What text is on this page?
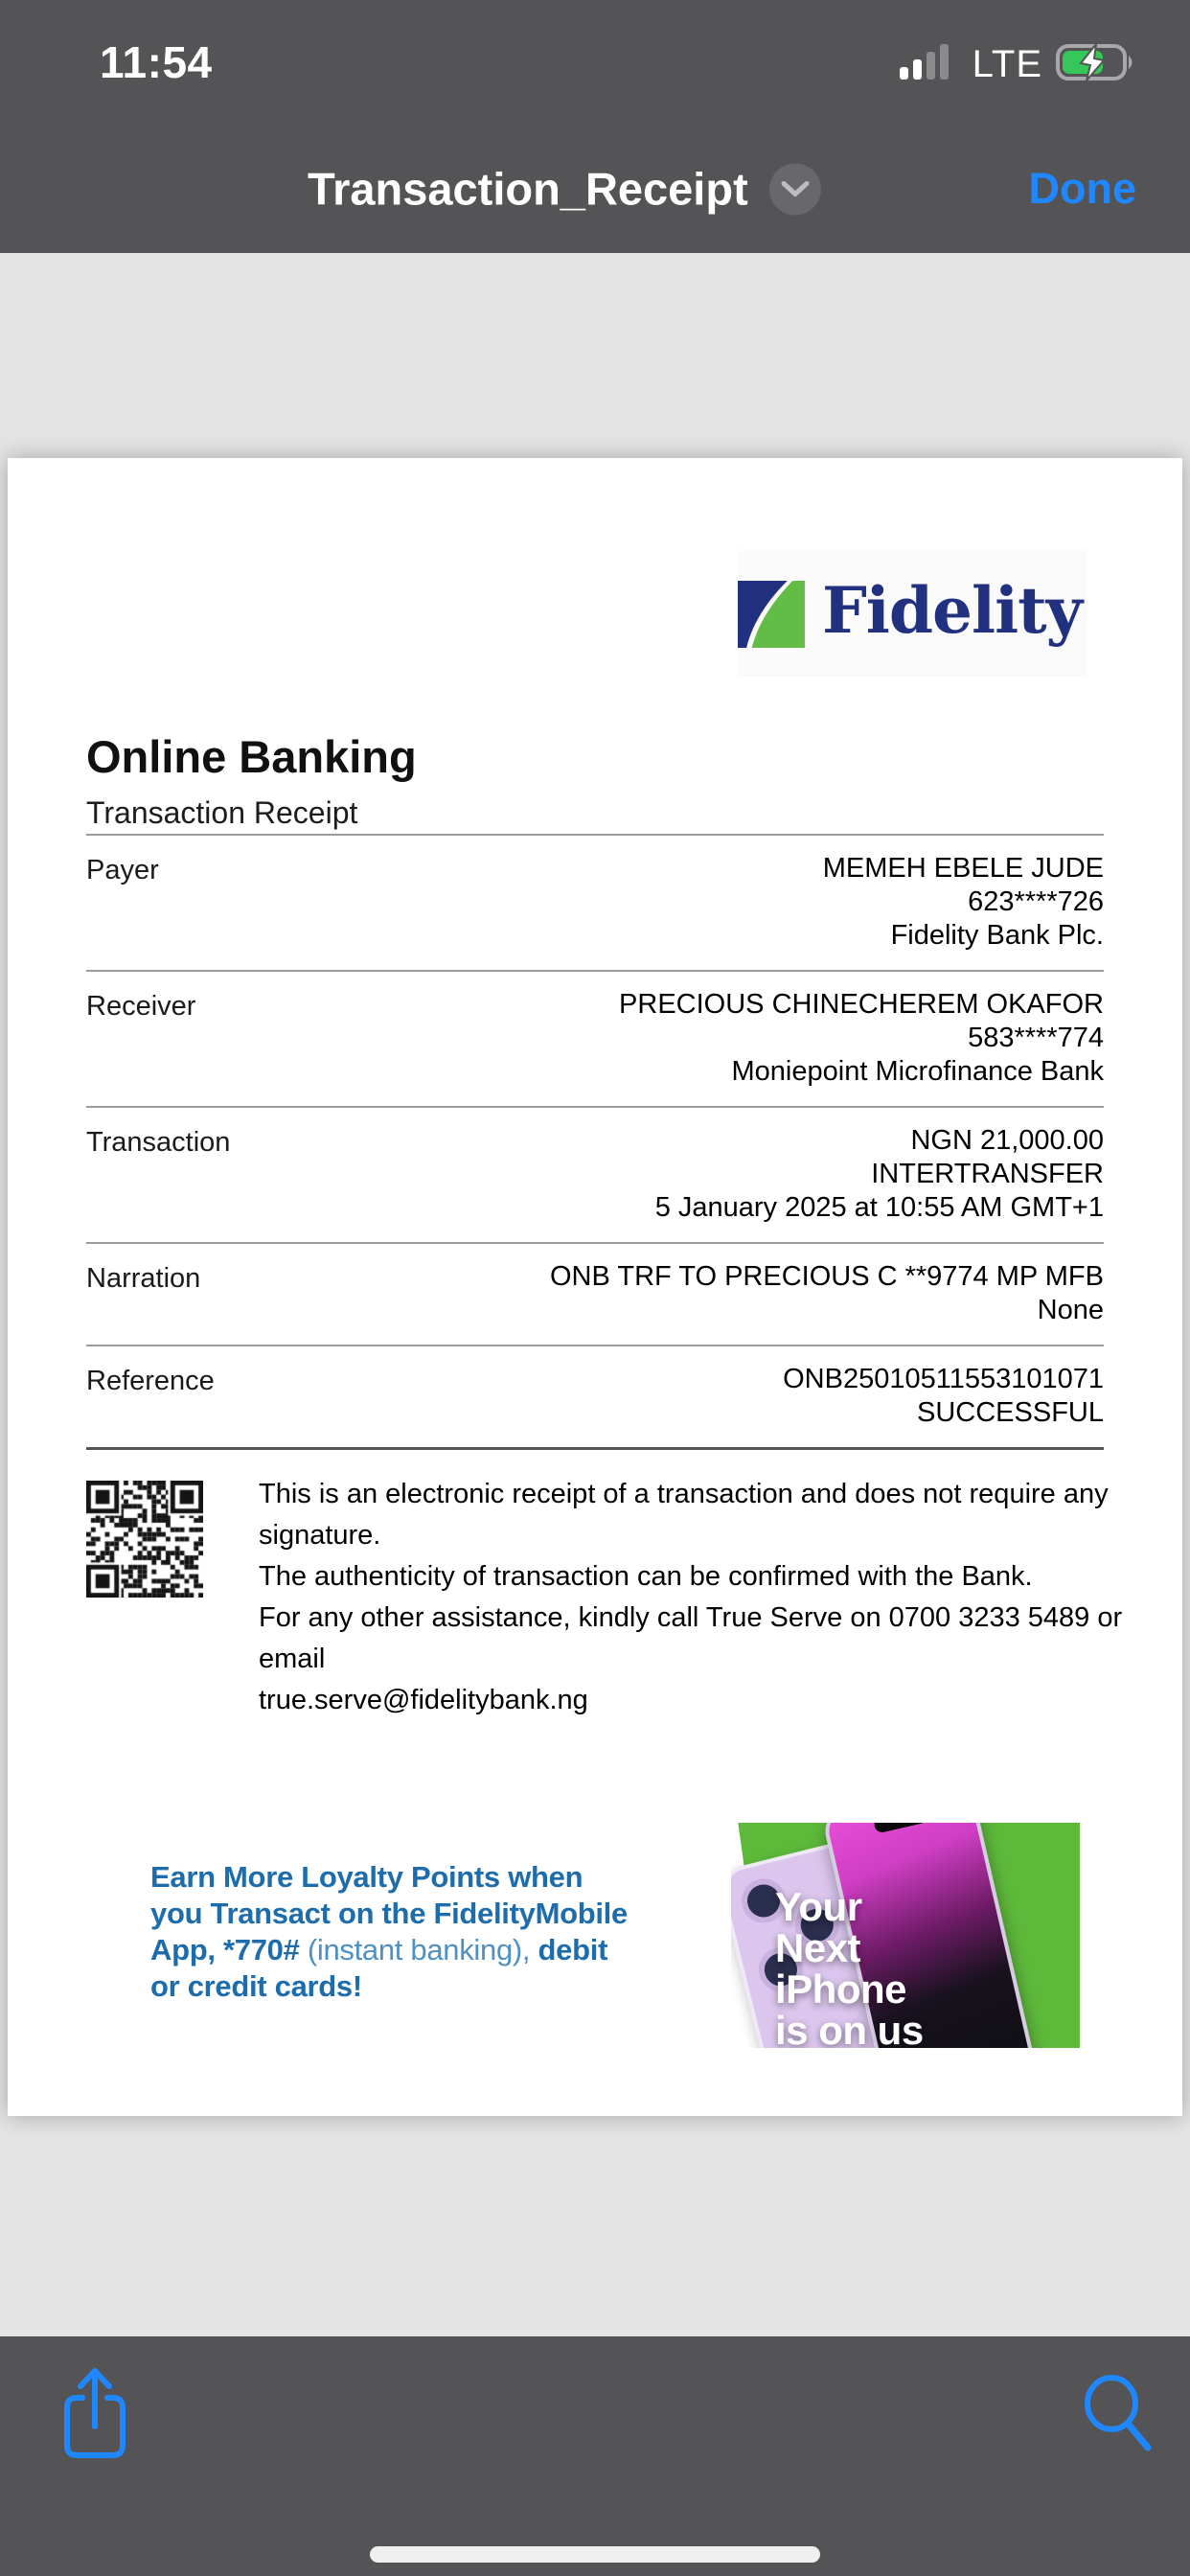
11:54	LTE
Transaction_Receipt	Done
Fidelity
Online Banking
Transaction Receipt
Payer	MEMEH EBELE JUDE
623****726
Fidelity Bank Plc.
Receiver	PRECIOUS CHINECHEREM OKAFOR
583****774
Moniepoint Microfinance Bank
Transaction	NGN 21,000.00
INTERTRANSFER
5 January 2025 at 10:55 AM GMT+1
Narration	ONB TRF TO PRECIOUS C **9774 MP MFB
None
Reference	ONB25010511553101071
SUCCESSFUL
This is an electronic receipt of a transaction and does not require any signature.
The authenticity of transaction can be confirmed with the Bank.
For any other assistance, kindly call True Serve on 0700 3233 5489 or email
true.serve@fidelitybank.ng
Earn More Loyalty Points when you Transact on the FidelityMobile App, *770# (instant banking), debit or credit cards!
Your
Next
iPhone
is on us
